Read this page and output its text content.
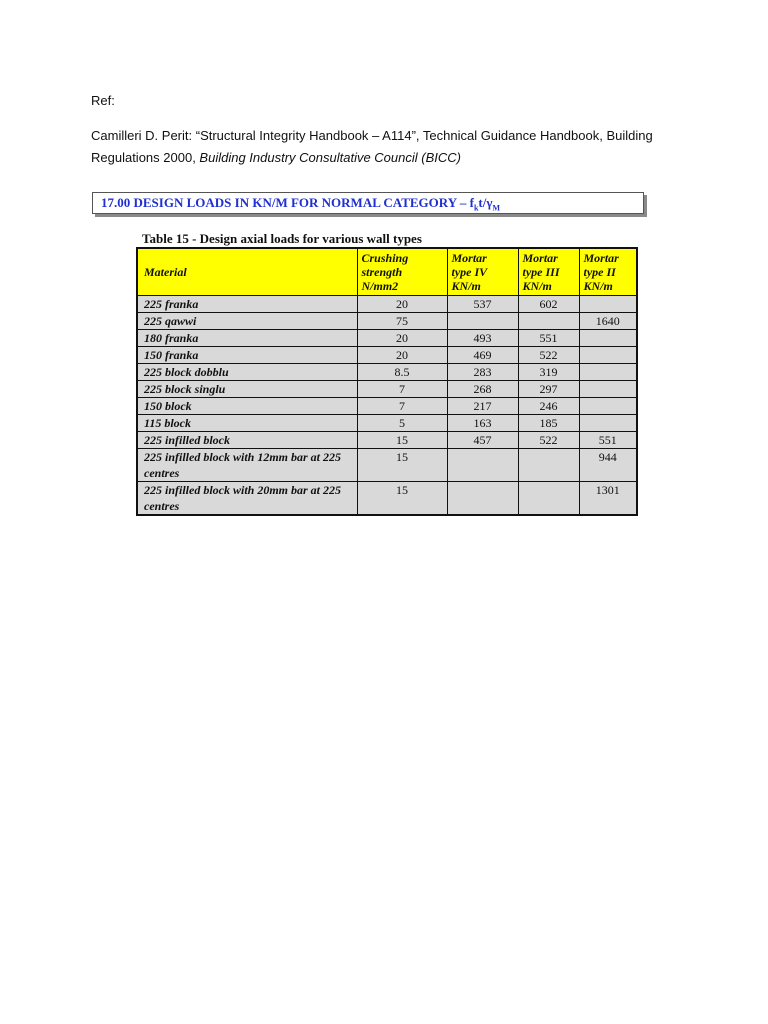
Ref:
Camilleri D. Perit: “Structural Integrity Handbook – A114”, Technical Guidance Handbook, Building Regulations 2000, Building Industry Consultative Council (BICC)
17.00 DESIGN LOADS IN KN/M FOR NORMAL CATEGORY – $f_kt/\gamma_M$
Table 15 - Design axial loads for various wall types
Material	Crushing
strength
N/mm2	Mortar
type IV
KN/m	Mortar
type III
KN/m	Mortar
type II
KN/m
225 franka	20	537	602	
225 qawwi	75			1640
180 franka	20	493	551	
150 franka	20	469	522	
225 block dobblu	8.5	283	319	
225 block singlu	7	268	297	
150 block	7	217	246	
115 block	5	163	185	
225 infilled block	15	457	522	551
225 infilled block with 12mm bar at 225 centres	15			944
225 infilled block with 20mm bar at 225 centres	15			1301
